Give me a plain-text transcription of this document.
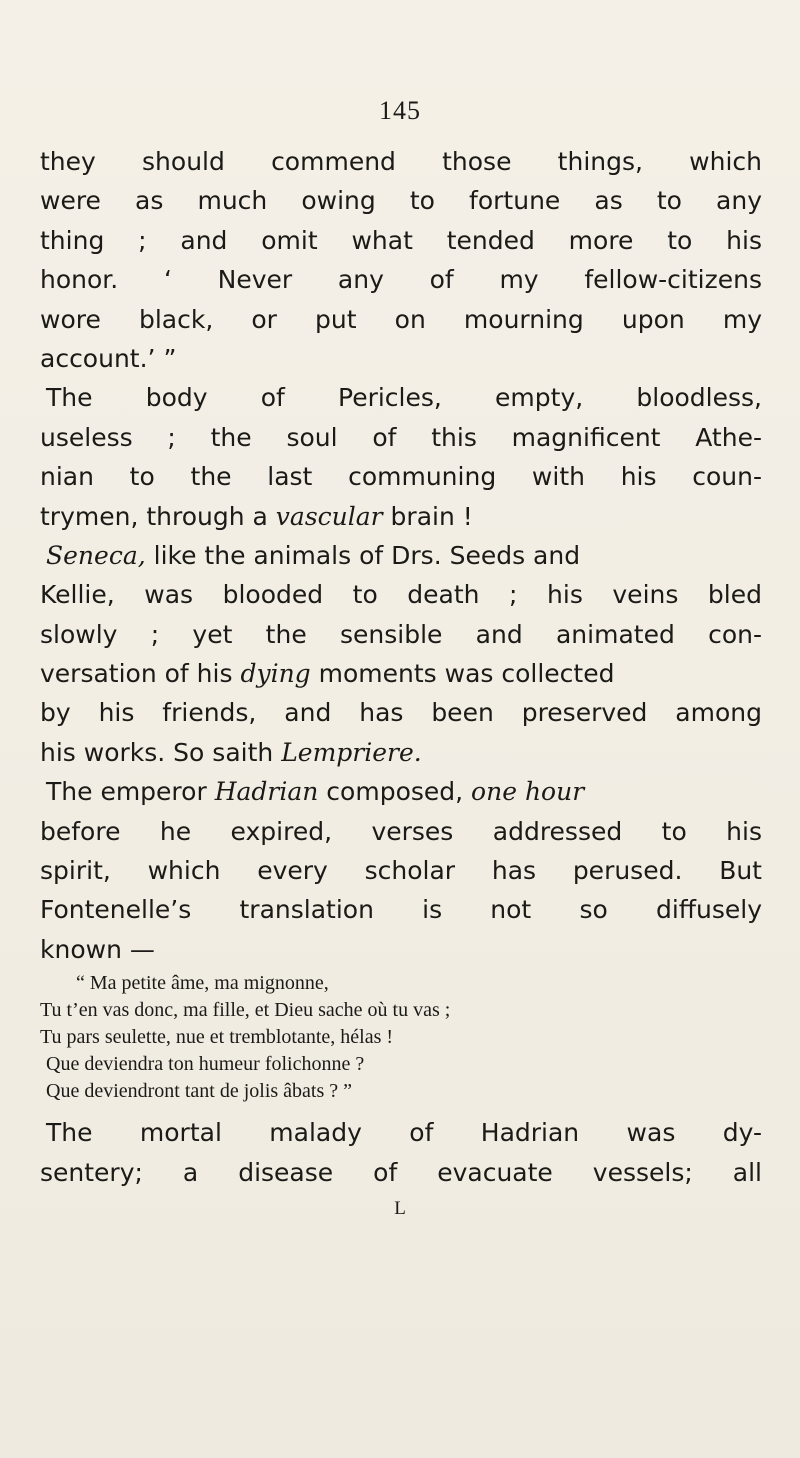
145
they should commend those things, which
were as much owing to fortune as to any
thing ; and omit what tended more to his
honor. ‘ Never any of my fellow-citizens
wore black, or put on mourning upon my
account.’ ”
The body of Pericles, empty, bloodless,
useless ; the soul of this magnificent Athe-
nian to the last communing with his coun-
trymen, through a vascular brain !
Seneca, like the animals of Drs. Seeds and
Kellie, was blooded to death ; his veins bled
slowly ; yet the sensible and animated con-
versation of his dying moments was collected
by his friends, and has been preserved among
his works. So saith Lempriere.
The emperor Hadrian composed, one hour
before he expired, verses addressed to his
spirit, which every scholar has perused. But
Fontenelle’s translation is not so diffusely
known —
“ Ma petite âme, ma mignonne,
Tu t’en vas donc, ma fille, et Dieu sache où tu vas ;
Tu pars seulette, nue et tremblotante, hélas !
Que deviendra ton humeur folichonne ?
Que deviendront tant de jolis âbats ? ”
The mortal malady of Hadrian was dy-
sentery; a disease of evacuate vessels; all
L
